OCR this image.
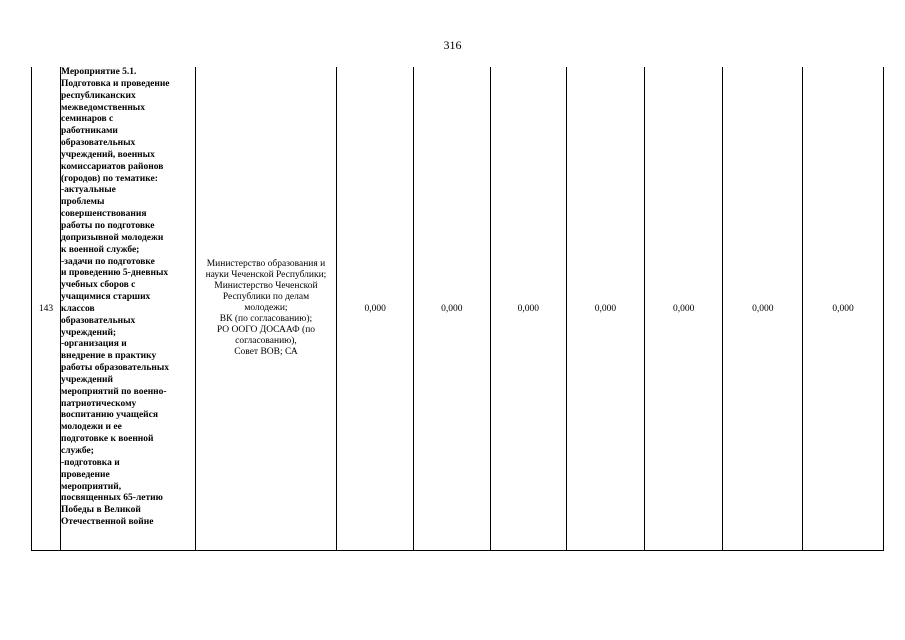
316
143	Мероприятие 5.1.
Подготовка и проведение
республиканских
межведомственных
семинаров с
работниками
образовательных
учреждений, военных
комиссариатов районов
(городов) по тематике:
-актуальные
проблемы
совершенствования
работы по подготовке
допризывной молодежи
к военной службе;
-задачи по подготовке
и проведению 5-дневных
учебных сборов с
учащимися старших
классов
образовательных
учреждений;
-организация и
внедрение в практику
работы образовательных
учреждений
мероприятий по военно-
патриотическому
воспитанию учащейся
молодежи и ее
подготовке к военной
службе;
-подготовка и
проведение
мероприятий,
посвященных 65-летию
Победы в Великой
Отечественной войне	Министерство образования и
науки Чеченской Республики;
Министерство Чеченской
Республики по делам
молодежи;
ВК (по согласованию);
РО ООГО ДОСААФ (по
согласованию),
Совет ВОВ; СА	0,000	0,000	0,000	0,000	0,000	0,000	0,000
